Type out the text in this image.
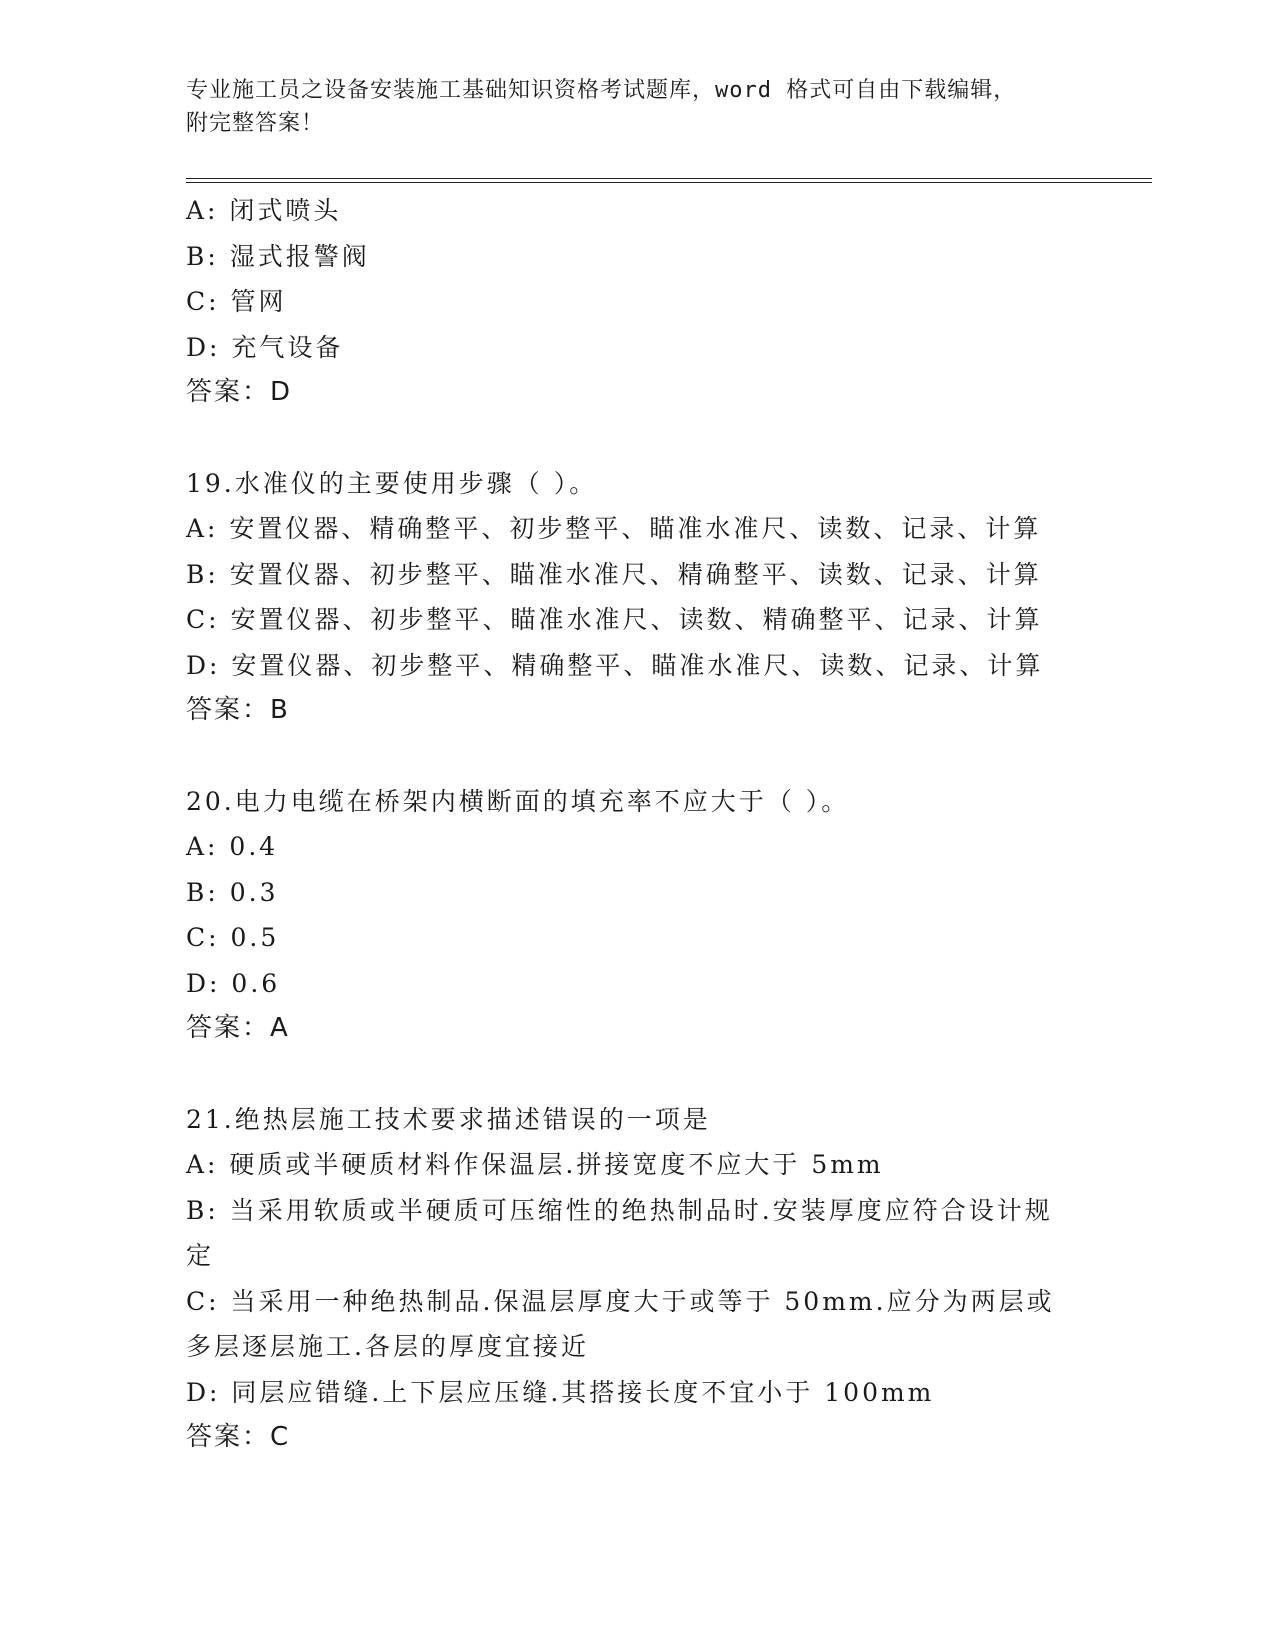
专业施工员之设备安装施工基础知识资格考试题库，word 格式可自由下载编辑，
附完整答案！
A: 闭式喷头
B: 湿式报警阀
C: 管网
D: 充气设备
答案：D
19.水准仪的主要使用步骤（ ）。
A: 安置仪器、精确整平、初步整平、瞄准水准尺、读数、记录、计算
B: 安置仪器、初步整平、瞄准水准尺、精确整平、读数、记录、计算
C: 安置仪器、初步整平、瞄准水准尺、读数、精确整平、记录、计算
D: 安置仪器、初步整平、精确整平、瞄准水准尺、读数、记录、计算
答案：B
20.电力电缆在桥架内横断面的填充率不应大于（ ）。
A: 0.4
B: 0.3
C: 0.5
D: 0.6
答案：A
21.绝热层施工技术要求描述错误的一项是
A: 硬质或半硬质材料作保温层.拼接宽度不应大于 5mm
B: 当采用软质或半硬质可压缩性的绝热制品时.安装厚度应符合设计规定
C: 当采用一种绝热制品.保温层厚度大于或等于 50mm.应分为两层或多层逐层施工.各层的厚度宜接近
D: 同层应错缝.上下层应压缝.其搭接长度不宜小于 100mm
答案：C
